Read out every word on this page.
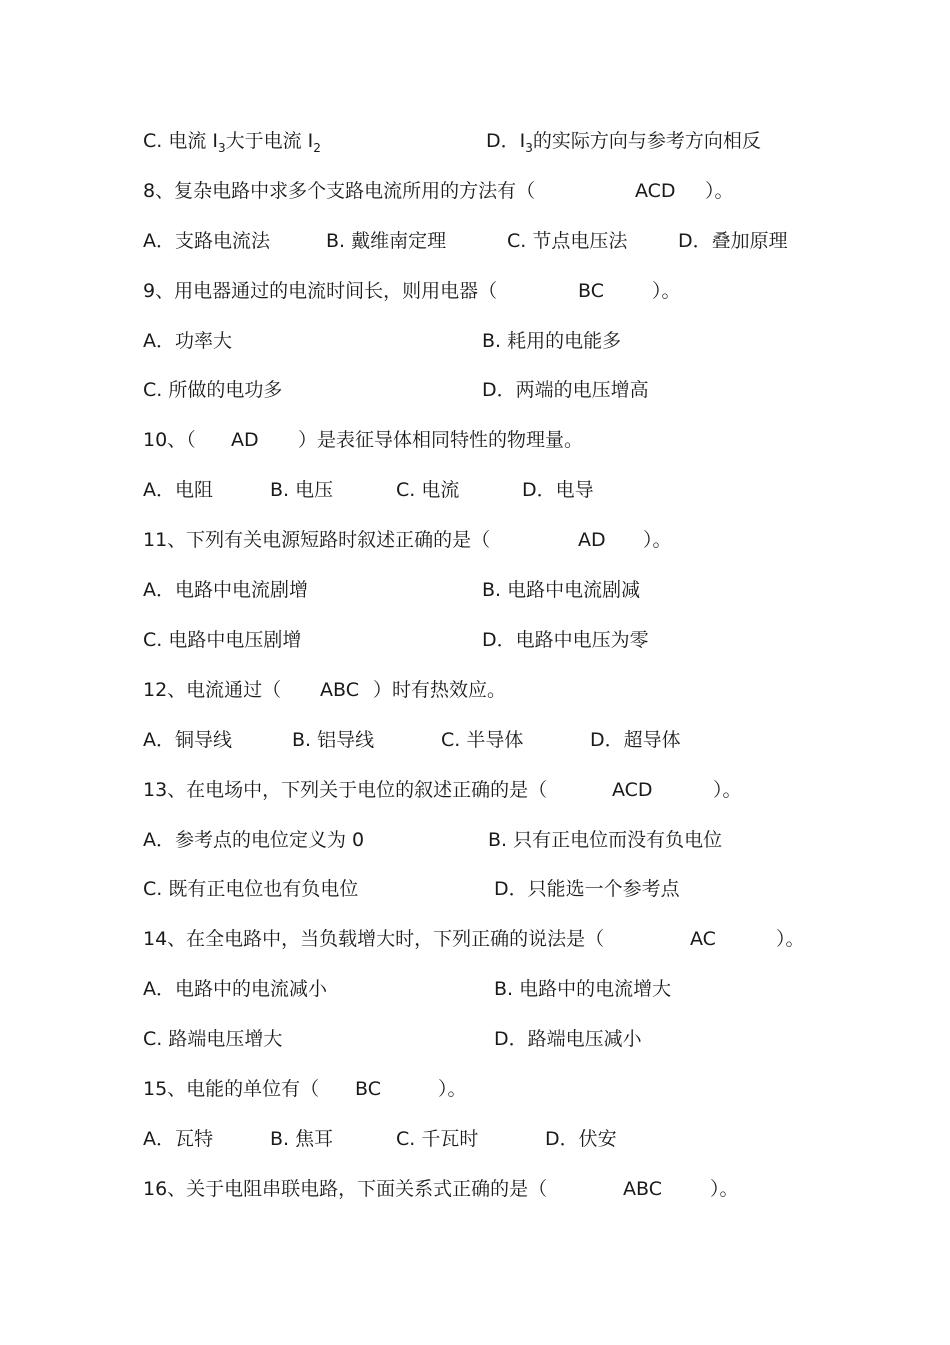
C. 电流 $I_3$大于电流 $I_2$	D．$I_3$的实际方向与参考方向相反
8、复杂电路中求多个支路电流所用的方法有（	ACD ）。
A．支路电流法	B. 戴维南定理	C. 节点电压法	D．叠加原理
9、用电器通过的电流时间长，则用电器（	BC	）。
A．功率大	B. 耗用的电能多
C. 所做的电功多	D．两端的电压增高
10、（ AD ）是表征导体相同特性的物理量。
A．电阻	B. 电压	C. 电流	D．电导
11、下列有关电源短路时叙述正确的是（	AD ）。
A．电路中电流剧增	B. 电路中电流剧减
C. 电路中电压剧增	D．电路中电压为零
12、电流通过（ ABC ）时有热效应。
A．铜导线	B. 铝导线	C. 半导体	D．超导体
13、在电场中，下列关于电位的叙述正确的是（	ACD	）。
A．参考点的电位定义为 0	B. 只有正电位而没有负电位
C. 既有正电位也有负电位	D．只能选一个参考点
14、在全电路中，当负载增大时，下列正确的说法是（	AC	）。
A．电路中的电流减小	B. 电路中的电流增大
C. 路端电压增大	D．路端电压减小
15、电能的单位有（ BC	）。
A．瓦特	B. 焦耳	C. 千瓦时	D．伏安
16、关于电阻串联电路，下面关系式正确的是（	ABC	）。
